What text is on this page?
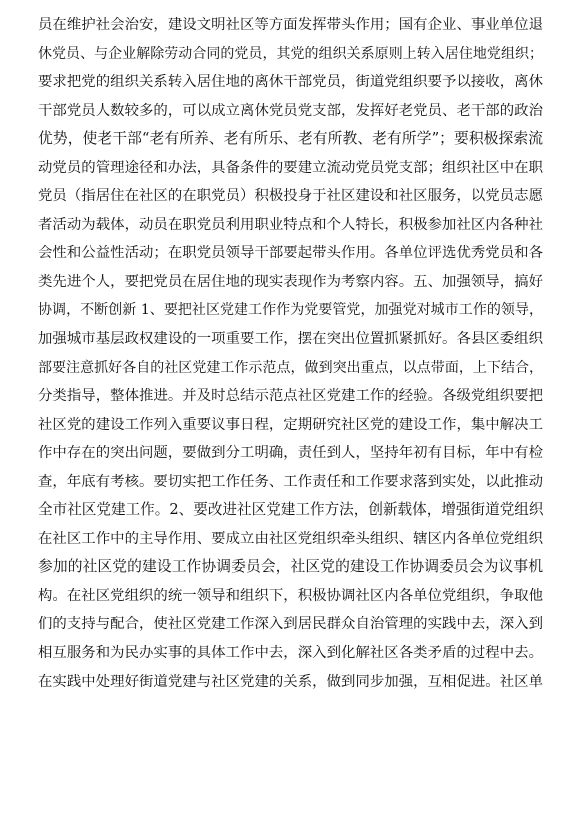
员在维护社会治安，建设文明社区等方面发挥带头作用；国有企业、事业单位退
休党员、与企业解除劳动合同的党员，其党的组织关系原则上转入居住地党组织；
要求把党的组织关系转入居住地的离休干部党员，街道党组织要予以接收，离休
干部党员人数较多的，可以成立离休党员党支部，发挥好老党员、老干部的政治
优势，使老干部“老有所养、老有所乐、老有所教、老有所学”；要积极探索流
动党员的管理途径和办法，具备条件的要建立流动党员党支部；组织社区中在职
党员（指居住在社区的在职党员）积极投身于社区建设和社区服务，以党员志愿
者活动为载体，动员在职党员利用职业特点和个人特长，积极参加社区内各种社
会性和公益性活动；在职党员领导干部要起带头作用。各单位评选优秀党员和各
类先进个人，要把党员在居住地的现实表现作为考察内容。五、加强领导，搞好
协调，不断创新 1、要把社区党建工作作为党要管党，加强党对城市工作的领导，
加强城市基层政权建设的一项重要工作，摆在突出位置抓紧抓好。各县区委组织
部要注意抓好各自的社区党建工作示范点，做到突出重点，以点带面，上下结合，
分类指导，整体推进。并及时总结示范点社区党建工作的经验。各级党组织要把
社区党的建设工作列入重要议事日程，定期研究社区党的建设工作，集中解决工
作中存在的突出问题，要做到分工明确，责任到人，坚持年初有目标，年中有检
查，年底有考核。要切实把工作任务、工作责任和工作要求落到实处，以此推动
全市社区党建工作。2、要改进社区党建工作方法，创新载体，增强街道党组织
在社区工作中的主导作用、要成立由社区党组织牵头组织、辖区内各单位党组织
参加的社区党的建设工作协调委员会，社区党的建设工作协调委员会为议事机
构。在社区党组织的统一领导和组织下，积极协调社区内各单位党组织，争取他
们的支持与配合，使社区党建工作深入到居民群众自治管理的实践中去，深入到
相互服务和为民办实事的具体工作中去，深入到化解社区各类矛盾的过程中去。
在实践中处理好街道党建与社区党建的关系，做到同步加强，互相促进。社区单
